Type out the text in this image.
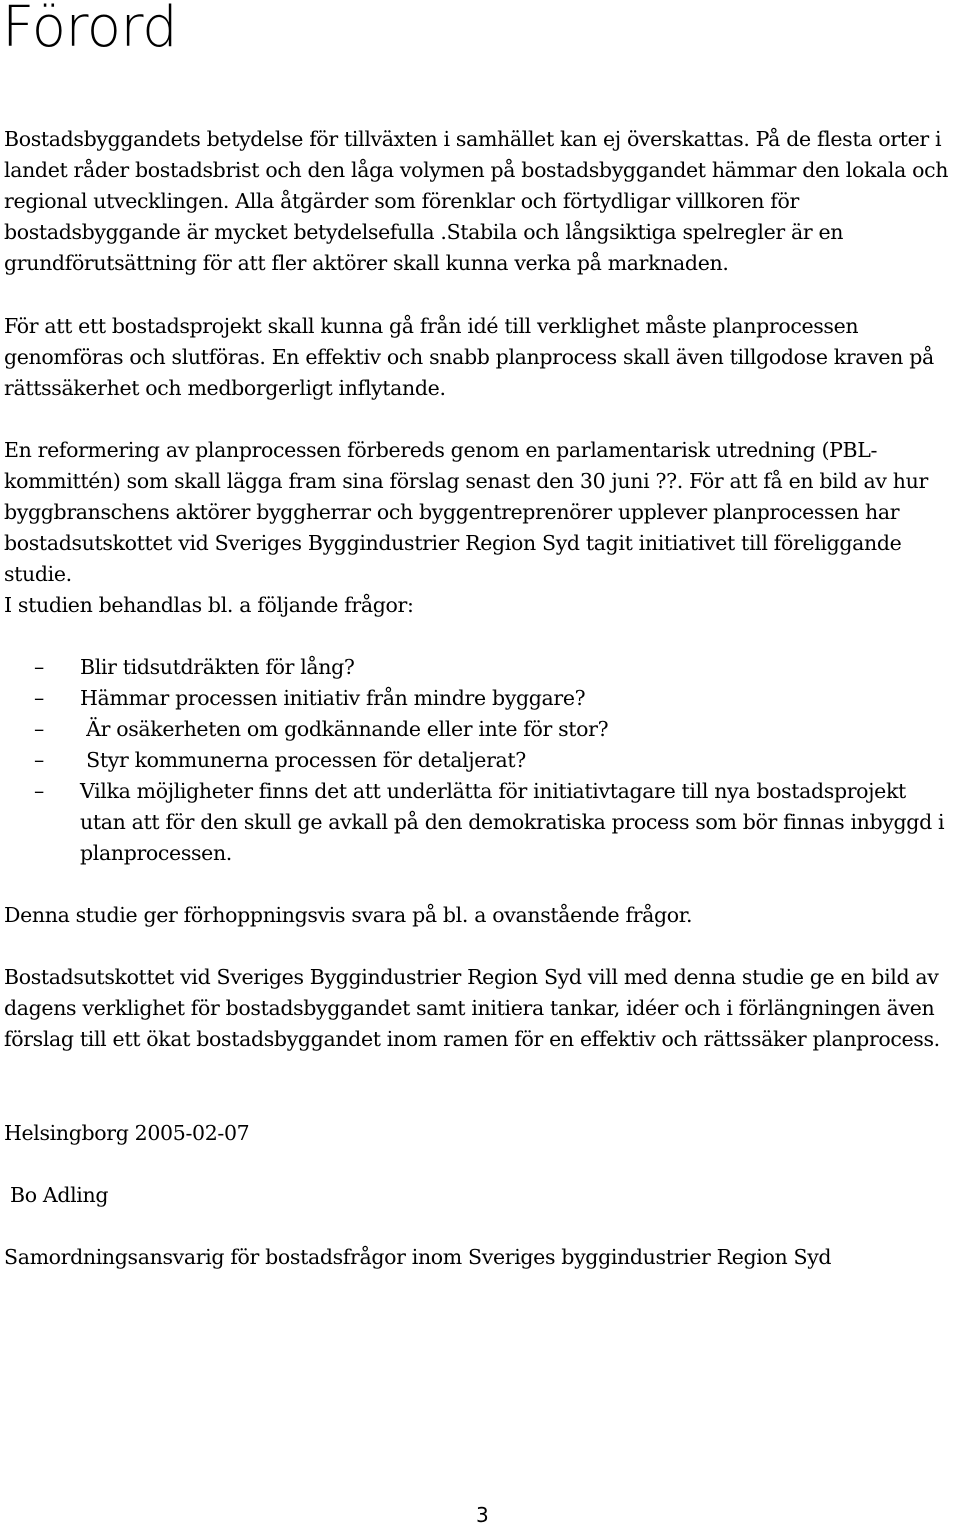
Förord

Bostadsbyggandets betydelse för tillväxten i samhället kan ej överskattas. På de flesta orter i landet råder bostadsbrist och den låga volymen på bostadsbyggandet hämmar den lokala och regional utvecklingen. Alla åtgärder som förenklar och förtydligar villkoren för bostadsbyggande är mycket betydelsefulla .Stabila och långsiktiga spelregler är en grundförutsättning för att fler aktörer skall kunna verka på marknaden.

För att ett bostadsprojekt skall kunna gå från idé till verklighet måste planprocessen genomföras och slutföras. En effektiv och snabb planprocess skall även tillgodose kraven på rättssäkerhet och medborgerligt inflytande.

En reformering av planprocessen förbereds genom en parlamentarisk utredning (PBL-kommittén) som skall lägga fram sina förslag senast den 30 juni ??. För att få en bild av hur byggbranschens aktörer byggherrar och byggentreprenörer upplever planprocessen har bostadsutskottet vid Sveriges Byggindustrier Region Syd tagit initiativet till föreliggande studie.
I studien behandlas bl. a följande frågor:
– Blir tidsutdräkten för lång?
– Hämmar processen initiativ från mindre byggare?
– Är osäkerheten om godkännande eller inte för stor?
– Styr kommunerna processen för detaljerat?
– Vilka möjligheter finns det att underlätta för initiativtagare till nya bostadsprojekt utan att för den skull ge avkall på den demokratiska process som bör finnas inbyggd i planprocessen.

Denna studie ger förhoppningsvis svara på bl. a ovanstående frågor.

Bostadsutskottet vid Sveriges Byggindustrier Region Syd vill med denna studie ge en bild av dagens verklighet för bostadsbyggandet samt initiera tankar, idéer och i förlängningen även förslag till ett ökat bostadsbyggandet inom ramen för en effektiv och rättssäker planprocess.

Helsingborg 2005-02-07

Bo Adling

Samordningsansvarig för bostadsfrågor inom Sveriges byggindustrier Region Syd

3
